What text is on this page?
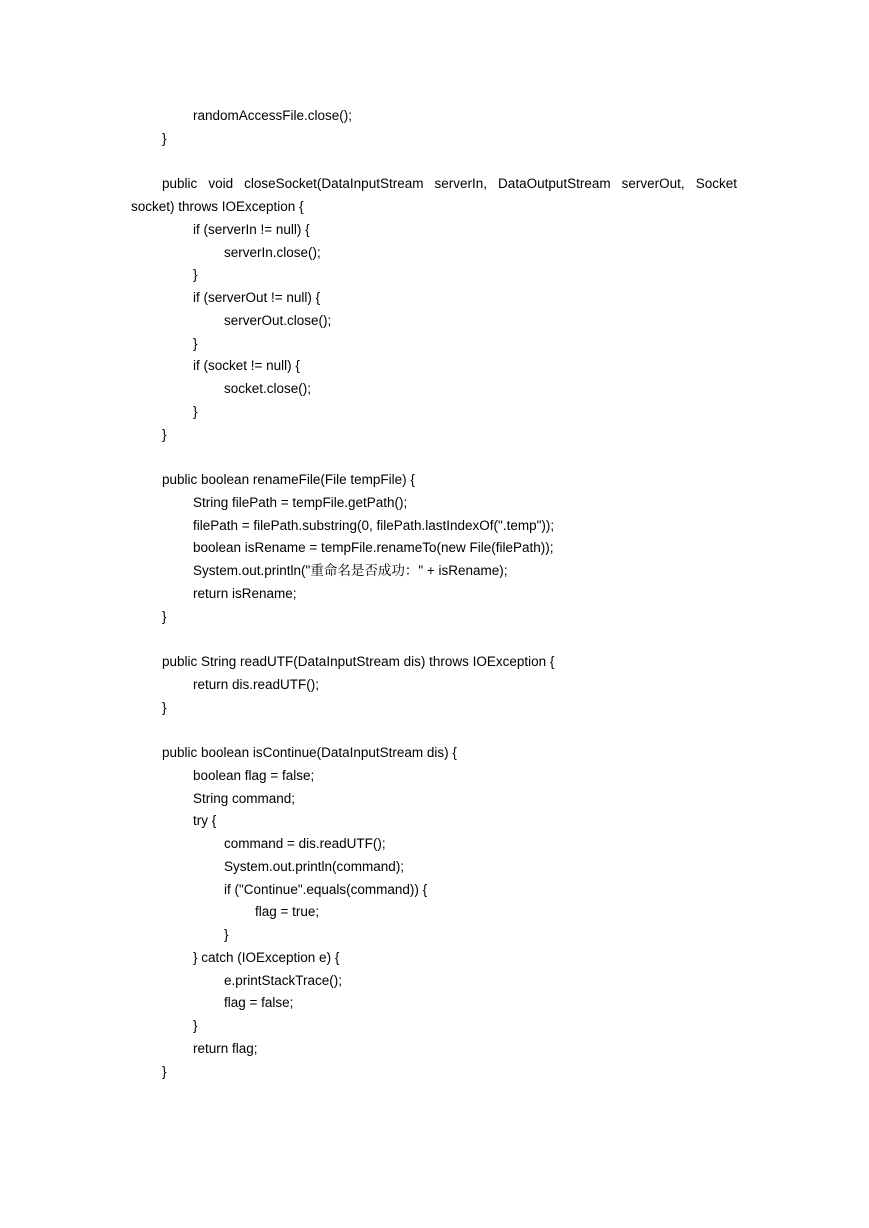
randomAccessFile.close();
}
public void closeSocket(DataInputStream serverIn, DataOutputStream serverOut, Socket
socket) throws IOException {
if (serverIn != null) {
serverIn.close();
}
if (serverOut != null) {
serverOut.close();
}
if (socket != null) {
socket.close();
}
}
public boolean renameFile(File tempFile) {
String filePath = tempFile.getPath();
filePath = filePath.substring(0, filePath.lastIndexOf(".temp"));
boolean isRename = tempFile.renameTo(new File(filePath));
System.out.println("重命名是否成功：" + isRename);
return isRename;
}
public String readUTF(DataInputStream dis) throws IOException {
return dis.readUTF();
}
public boolean isContinue(DataInputStream dis) {
boolean flag = false;
String command;
try {
command = dis.readUTF();
System.out.println(command);
if ("Continue".equals(command)) {
flag = true;
}
} catch (IOException e) {
e.printStackTrace();
flag = false;
}
return flag;
}
